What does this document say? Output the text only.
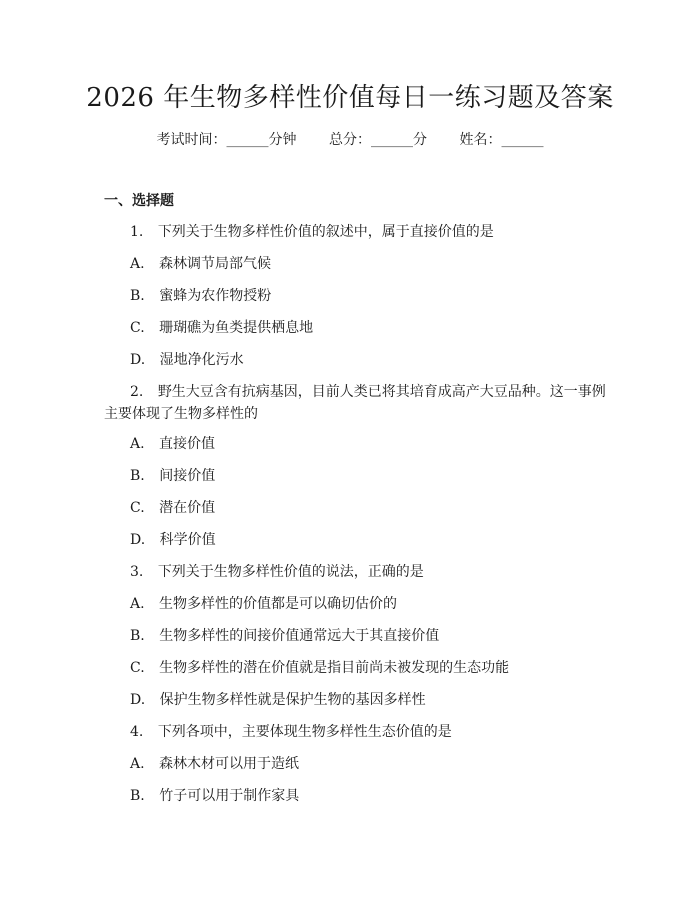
2026 年生物多样性价值每日一练习题及答案
考试时间：______分钟 总分：______分 姓名：______
一、选择题
1. 下列关于生物多样性价值的叙述中，属于直接价值的是
A. 森林调节局部气候
B. 蜜蜂为农作物授粉
C. 珊瑚礁为鱼类提供栖息地
D. 湿地净化污水
2. 野生大豆含有抗病基因，目前人类已将其培育成高产大豆品种。这一事例
主要体现了生物多样性的
A. 直接价值
B. 间接价值
C. 潜在价值
D. 科学价值
3. 下列关于生物多样性价值的说法，正确的是
A. 生物多样性的价值都是可以确切估价的
B. 生物多样性的间接价值通常远大于其直接价值
C. 生物多样性的潜在价值就是指目前尚未被发现的生态功能
D. 保护生物多样性就是保护生物的基因多样性
4. 下列各项中，主要体现生物多样性生态价值的是
A. 森林木材可以用于造纸
B. 竹子可以用于制作家具
